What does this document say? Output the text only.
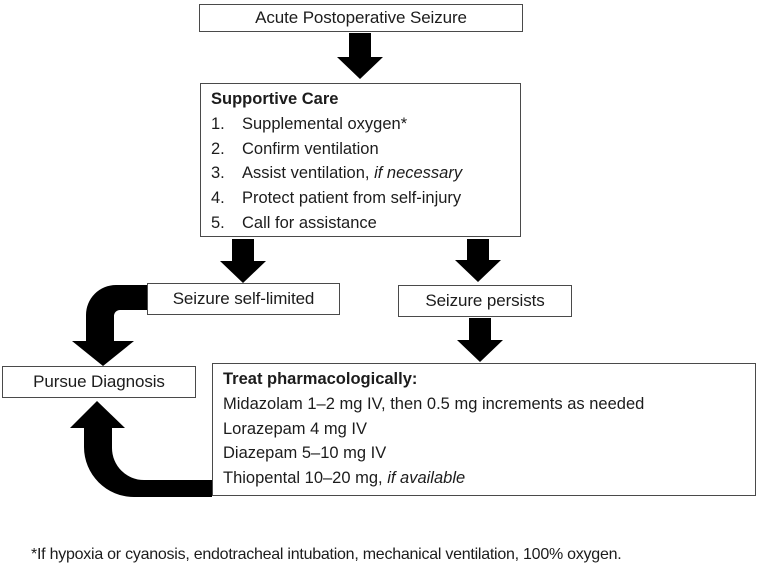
Acute Postoperative Seizure
Supportive Care
1.	Supplemental oxygen*
2.	Confirm ventilation
3.	Assist ventilation, if necessary
4.	Protect patient from self-injury
5.	Call for assistance
Seizure self-limited	Seizure persists
Pursue Diagnosis	Treat pharmacologically:
Midazolam 1–2 mg IV, then 0.5 mg increments as needed
Lorazepam 4 mg IV
Diazepam 5–10 mg IV
Thiopental 10–20 mg, if available
*If hypoxia or cyanosis, endotracheal intubation, mechanical ventilation, 100% oxygen.
